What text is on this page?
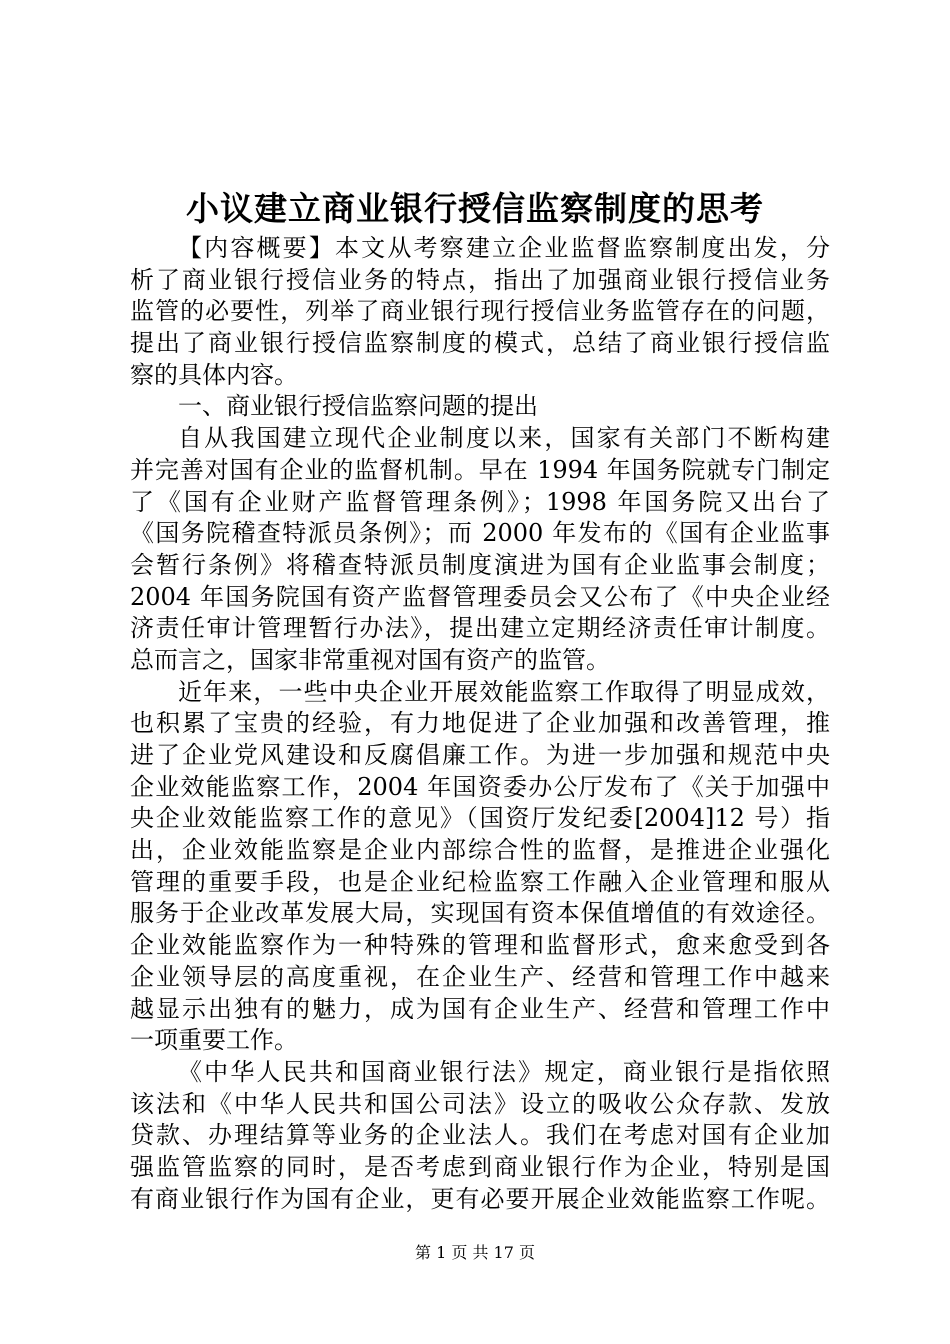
小议建立商业银行授信监察制度的思考
【内容概要】本文从考察建立企业监督监察制度出发，分
析了商业银行授信业务的特点，指出了加强商业银行授信业务
监管的必要性，列举了商业银行现行授信业务监管存在的问题，
提出了商业银行授信监察制度的模式，总结了商业银行授信监
察的具体内容。
一、商业银行授信监察问题的提出
自从我国建立现代企业制度以来，国家有关部门不断构建
并完善对国有企业的监督机制。早在 1994 年国务院就专门制定
了《国有企业财产监督管理条例》；1998 年国务院又出台了
《国务院稽查特派员条例》；而 2000 年发布的《国有企业监事
会暂行条例》将稽查特派员制度演进为国有企业监事会制度；
2004 年国务院国有资产监督管理委员会又公布了《中央企业经
济责任审计管理暂行办法》，提出建立定期经济责任审计制度。
总而言之，国家非常重视对国有资产的监管。
近年来，一些中央企业开展效能监察工作取得了明显成效，
也积累了宝贵的经验，有力地促进了企业加强和改善管理，推
进了企业党风建设和反腐倡廉工作。为进一步加强和规范中央
企业效能监察工作，2004 年国资委办公厅发布了《关于加强中
央企业效能监察工作的意见》（国资厅发纪委[2004]12 号）指
出，企业效能监察是企业内部综合性的监督，是推进企业强化
管理的重要手段，也是企业纪检监察工作融入企业管理和服从
服务于企业改革发展大局，实现国有资本保值增值的有效途径。
企业效能监察作为一种特殊的管理和监督形式，愈来愈受到各
企业领导层的高度重视，在企业生产、经营和管理工作中越来
越显示出独有的魅力，成为国有企业生产、经营和管理工作中
一项重要工作。
《中华人民共和国商业银行法》规定，商业银行是指依照
该法和《中华人民共和国公司法》设立的吸收公众存款、发放
贷款、办理结算等业务的企业法人。我们在考虑对国有企业加
强监管监察的同时，是否考虑到商业银行作为企业，特别是国
有商业银行作为国有企业，更有必要开展企业效能监察工作呢。
第 1 页 共 17 页
